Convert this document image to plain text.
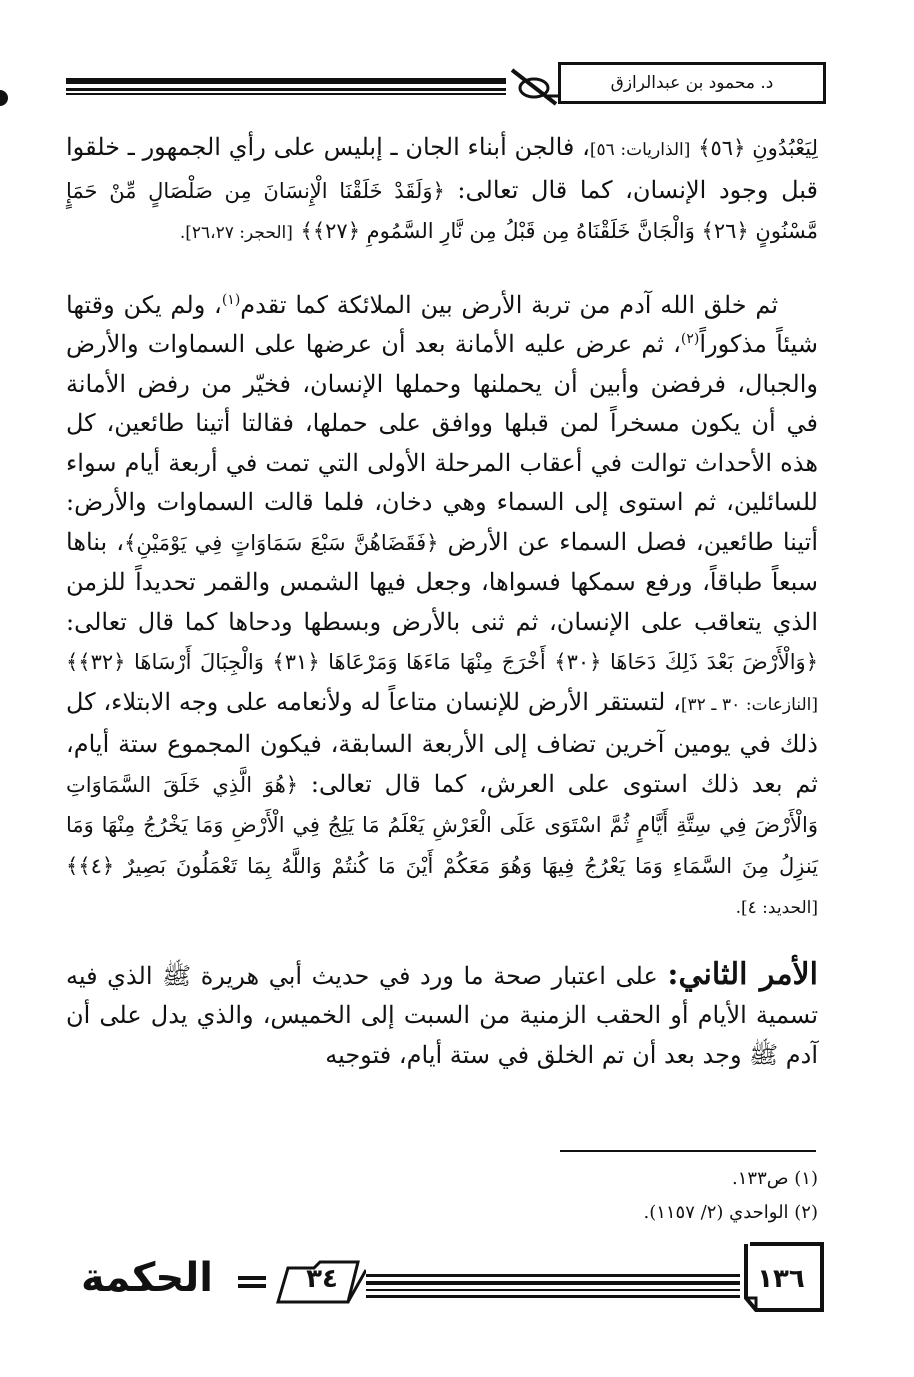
د. محمود بن عبدالرازق

لِيَعْبُدُونِ ﴿٥٦﴾ [الذاريات: ٥٦]، فالجن أبناء الجان ـ إبليس على رأي الجمهور ـ خلقوا قبل وجود الإنسان، كما قال تعالى: ﴿وَلَقَدْ خَلَقْنَا الْإِنسَانَ مِن صَلْصَالٍ مِّنْ حَمَإٍ مَّسْنُونٍ ﴿٢٦﴾ وَالْجَانَّ خَلَقْنَاهُ مِن قَبْلُ مِن نَّارِ السَّمُومِ ﴿٢٧﴾﴾ [الحجر: ٢٦،٢٧].

ثم خلق الله آدم من تربة الأرض بين الملائكة كما تقدم$^{(١)}$، ولم يكن وقتها شيئاً مذكوراً$^{(٢)}$، ثم عرض عليه الأمانة بعد أن عرضها على السماوات والأرض والجبال، فرفضن وأبين أن يحملنها وحملها الإنسان، فخيّر من رفض الأمانة في أن يكون مسخراً لمن قبلها ووافق على حملها، فقالتا أتينا طائعين، كل هذه الأحداث توالت في أعقاب المرحلة الأولى التي تمت في أربعة أيام سواء للسائلين، ثم استوى إلى السماء وهي دخان، فلما قالت السماوات والأرض: أتينا طائعين، فصل السماء عن الأرض ﴿فَقَضَاهُنَّ سَبْعَ سَمَاوَاتٍ فِي يَوْمَيْنِ﴾، بناها سبعاً طباقاً، ورفع سمكها فسواها، وجعل فيها الشمس والقمر تحديداً للزمن الذي يتعاقب على الإنسان، ثم ثنى بالأرض وبسطها ودحاها كما قال تعالى: ﴿وَالْأَرْضَ بَعْدَ ذَلِكَ دَحَاهَا ﴿٣٠﴾ أَخْرَجَ مِنْهَا مَاءَهَا وَمَرْعَاهَا ﴿٣١﴾ وَالْجِبَالَ أَرْسَاهَا ﴿٣٢﴾﴾ [النازعات: ٣٠ ـ ٣٢]، لتستقر الأرض للإنسان متاعاً له ولأنعامه على وجه الابتلاء، كل ذلك في يومين آخرين تضاف إلى الأربعة السابقة، فيكون المجموع ستة أيام، ثم بعد ذلك استوى على العرش، كما قال تعالى: ﴿هُوَ الَّذِي خَلَقَ السَّمَاوَاتِ وَالْأَرْضَ فِي سِتَّةِ أَيَّامٍ ثُمَّ اسْتَوَى عَلَى الْعَرْشِ يَعْلَمُ مَا يَلِجُ فِي الْأَرْضِ وَمَا يَخْرُجُ مِنْهَا وَمَا يَنزِلُ مِنَ السَّمَاءِ وَمَا يَعْرُجُ فِيهَا وَهُوَ مَعَكُمْ أَيْنَ مَا كُنتُمْ وَاللَّهُ بِمَا تَعْمَلُونَ بَصِيرٌ ﴿٤﴾﴾ [الحديد: ٤].

الأمر الثاني: على اعتبار صحة ما ورد في حديث أبي هريرة ﷺ الذي فيه تسمية الأيام أو الحقب الزمنية من السبت إلى الخميس، والذي يدل على أن آدم ﷺ وجد بعد أن تم الخلق في ستة أيام، فتوجيه

(١) ص١٣٣.
(٢) الواحدي (٢/ ١١٥٧).
الحكمة	٣٤	١٣٦
